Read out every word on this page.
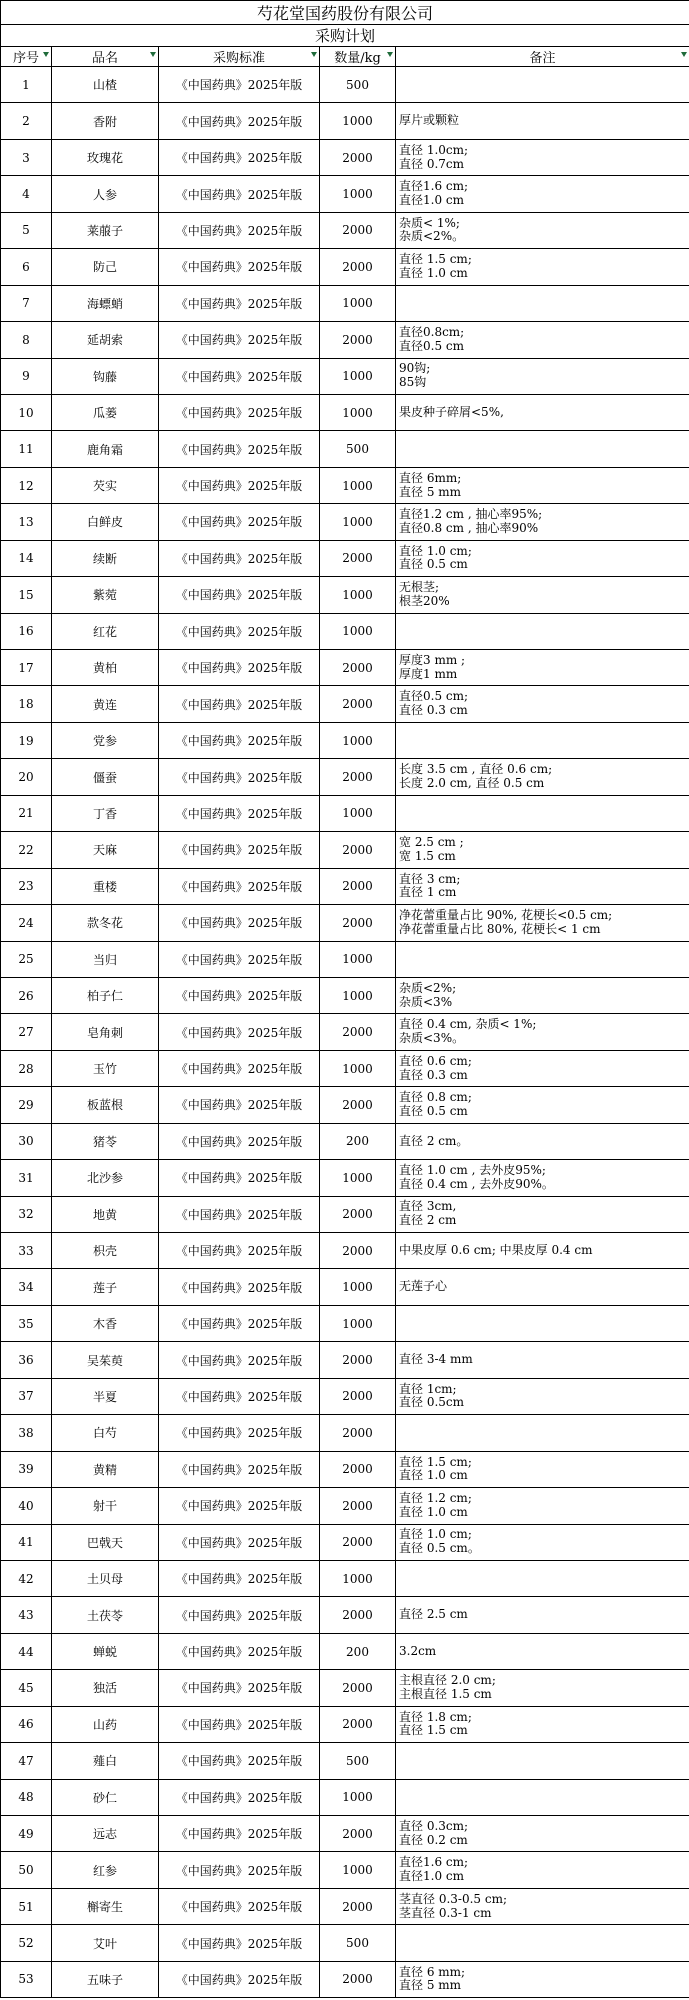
芍花堂国药股份有限公司				
采购计划				
序号	品名	采购标准	数量/kg	备注

1	山楂	《中国药典》2025年版	500	
2	香附	《中国药典》2025年版	1000	厚片或颗粒

3	玫瑰花	《中国药典》2025年版	2000	直径 1.0cm;
直径 0.7cm

4	人参	《中国药典》2025年版	1000	直径1.6 cm;
直径1.0 cm

5	莱菔子	《中国药典》2025年版	2000	杂质< 1%;
杂质<2%。

6	防己	《中国药典》2025年版	2000	直径 1.5 cm;
直径 1.0 cm

7	海螵蛸	《中国药典》2025年版	1000	
8	延胡索	《中国药典》2025年版	2000	直径0.8cm;
直径0.5 cm

9	钩藤	《中国药典》2025年版	1000	90钩;
85钩

10	瓜蒌	《中国药典》2025年版	1000	果皮种子碎屑<5%,

11	鹿角霜	《中国药典》2025年版	500	
12	芡实	《中国药典》2025年版	1000	直径 6mm;
直径 5 mm

13	白鲜皮	《中国药典》2025年版	1000	直径1.2 cm , 抽心率95%;
直径0.8 cm , 抽心率90%

14	续断	《中国药典》2025年版	2000	直径 1.0 cm;
直径 0.5 cm

15	紫菀	《中国药典》2025年版	1000	无根茎;
根茎20%

16	红花	《中国药典》2025年版	1000	
17	黄柏	《中国药典》2025年版	2000	厚度3 mm ;
厚度1 mm

18	黄连	《中国药典》2025年版	2000	直径0.5 cm;
直径 0.3 cm

19	党参	《中国药典》2025年版	1000	
20	僵蚕	《中国药典》2025年版	2000	长度 3.5 cm , 直径 0.6 cm;
长度 2.0 cm, 直径 0.5 cm

21	丁香	《中国药典》2025年版	1000	
22	天麻	《中国药典》2025年版	2000	宽 2.5 cm ;
宽 1.5 cm

23	重楼	《中国药典》2025年版	2000	直径 3 cm;
直径 1 cm

24	款冬花	《中国药典》2025年版	2000	净花蕾重量占比 90%, 花梗长<0.5 cm;
净花蕾重量占比 80%, 花梗长< 1 cm

25	当归	《中国药典》2025年版	1000	
26	柏子仁	《中国药典》2025年版	1000	杂质<2%;
杂质<3%

27	皂角刺	《中国药典》2025年版	2000	直径 0.4 cm, 杂质< 1%;
杂质<3%。

28	玉竹	《中国药典》2025年版	1000	直径 0.6 cm;
直径 0.3 cm

29	板蓝根	《中国药典》2025年版	2000	直径 0.8 cm;
直径 0.5 cm

30	猪苓	《中国药典》2025年版	200	直径 2 cm。

31	北沙参	《中国药典》2025年版	1000	直径 1.0 cm , 去外皮95%;
直径 0.4 cm , 去外皮90%。

32	地黄	《中国药典》2025年版	2000	直径 3cm,
直径 2 cm

33	枳壳	《中国药典》2025年版	2000	中果皮厚 0.6 cm; 中果皮厚 0.4 cm

34	莲子	《中国药典》2025年版	1000	无莲子心

35	木香	《中国药典》2025年版	1000	
36	吴茱萸	《中国药典》2025年版	2000	直径 3-4 mm

37	半夏	《中国药典》2025年版	2000	直径 1cm;
直径 0.5cm

38	白芍	《中国药典》2025年版	2000	
39	黄精	《中国药典》2025年版	2000	直径 1.5 cm;
直径 1.0 cm

40	射干	《中国药典》2025年版	2000	直径 1.2 cm;
直径 1.0 cm

41	巴戟天	《中国药典》2025年版	2000	直径 1.0 cm;
直径 0.5 cm。

42	土贝母	《中国药典》2025年版	1000	
43	土茯苓	《中国药典》2025年版	2000	直径 2.5 cm

44	蝉蜕	《中国药典》2025年版	200	3.2cm

45	独活	《中国药典》2025年版	2000	主根直径 2.0 cm;
主根直径 1.5 cm

46	山药	《中国药典》2025年版	2000	直径 1.8 cm;
直径 1.5 cm

47	薤白	《中国药典》2025年版	500	
48	砂仁	《中国药典》2025年版	1000	
49	远志	《中国药典》2025年版	2000	直径 0.3cm;
直径 0.2 cm

50	红参	《中国药典》2025年版	1000	直径1.6 cm;
直径1.0 cm

51	槲寄生	《中国药典》2025年版	2000	茎直径 0.3-0.5 cm;
茎直径 0.3-1 cm

52	艾叶	《中国药典》2025年版	500	
53	五味子	《中国药典》2025年版	2000	直径 6 mm;
直径 5 mm
